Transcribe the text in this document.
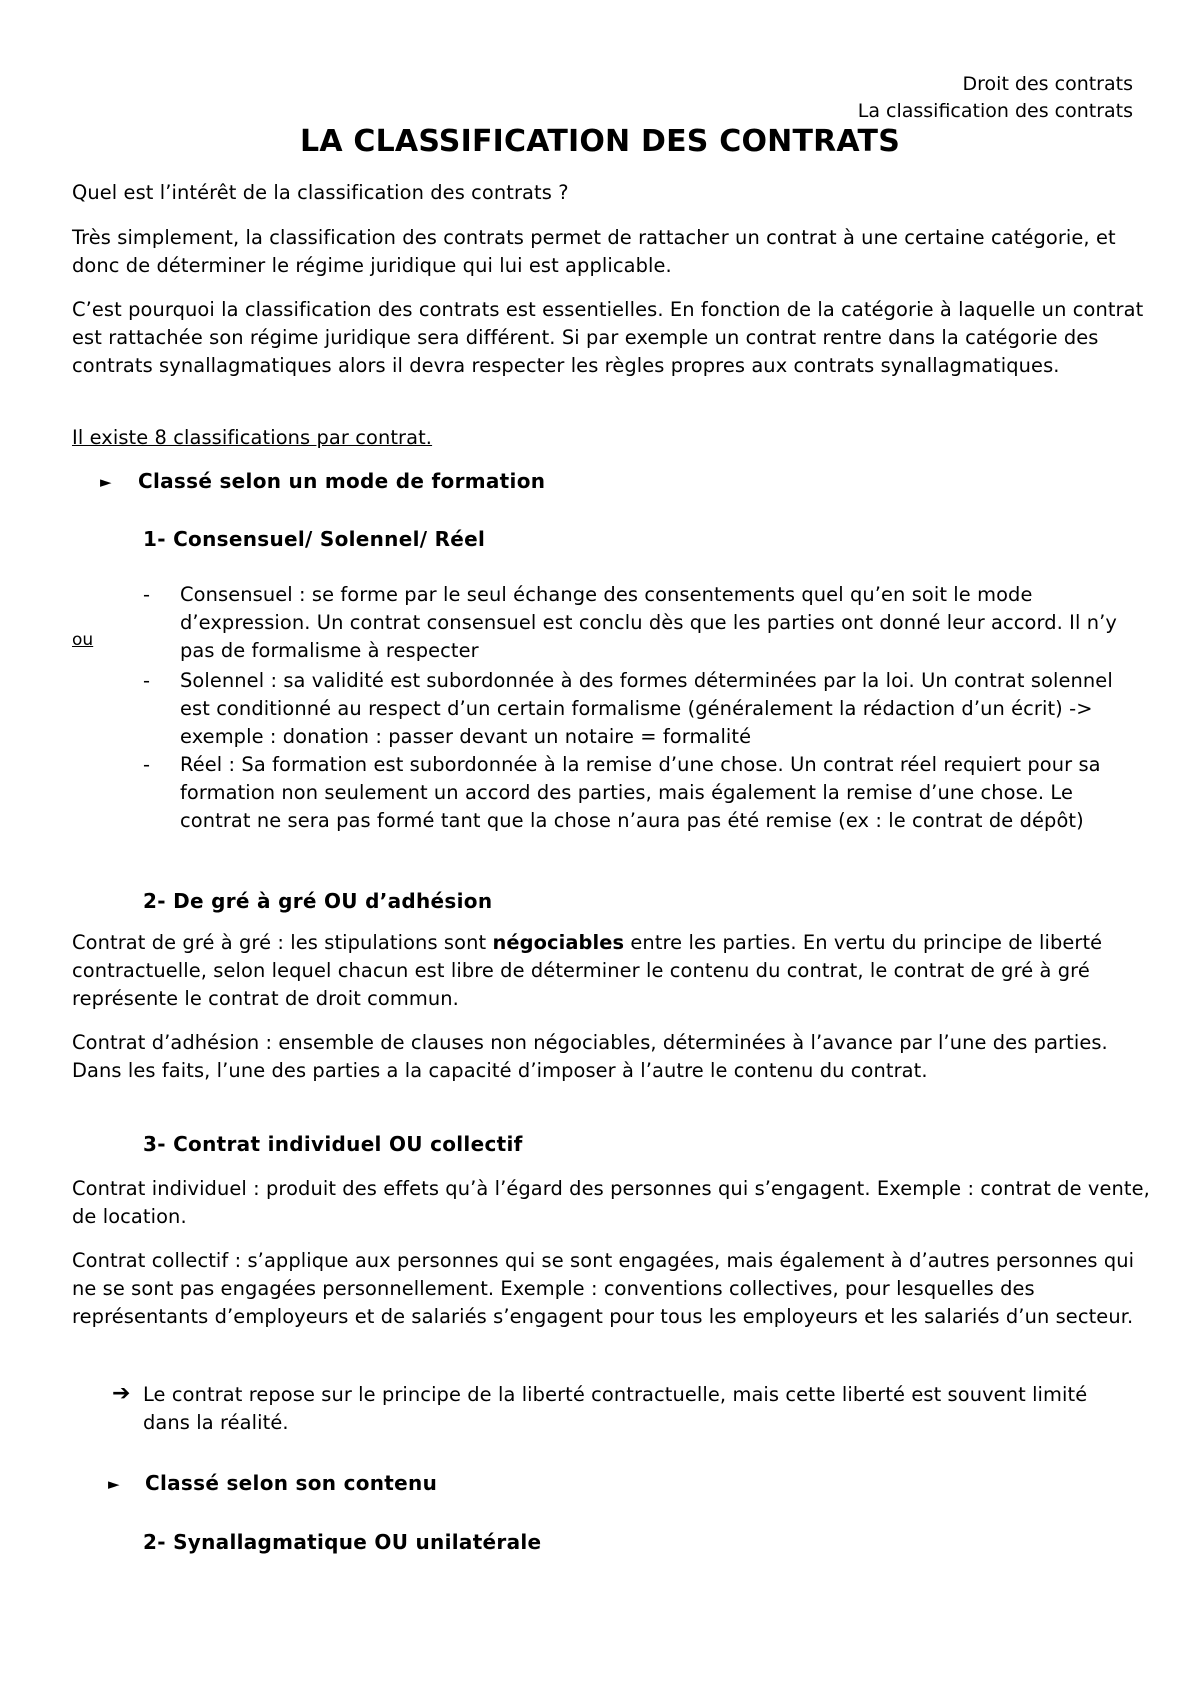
Droit des contrats
La classification des contrats
LA CLASSIFICATION DES CONTRATS
Quel est l’intérêt de la classification des contrats ?
Très simplement, la classification des contrats permet de rattacher un contrat à une certaine catégorie, et donc de déterminer le régime juridique qui lui est applicable.
C’est pourquoi la classification des contrats est essentielles. En fonction de la catégorie à laquelle un contrat est rattachée son régime juridique sera différent. Si par exemple un contrat rentre dans la catégorie des contrats synallagmatiques alors il devra respecter les règles propres aux contrats synallagmatiques.
Il existe 8 classifications par contrat.
► Classé selon un mode de formation
1- Consensuel/ Solennel/ Réel
ou
- Consensuel : se forme par le seul échange des consentements quel qu’en soit le mode d’expression. Un contrat consensuel est conclu dès que les parties ont donné leur accord. Il n’y pas de formalisme à respecter
- Solennel : sa validité est subordonnée à des formes déterminées par la loi. Un contrat solennel est conditionné au respect d’un certain formalisme (généralement la rédaction d’un écrit) -> exemple : donation : passer devant un notaire = formalité
- Réel : Sa formation est subordonnée à la remise d’une chose. Un contrat réel requiert pour sa formation non seulement un accord des parties, mais également la remise d’une chose. Le contrat ne sera pas formé tant que la chose n’aura pas été remise (ex : le contrat de dépôt)
2- De gré à gré OU d’adhésion
Contrat de gré à gré : les stipulations sont négociables entre les parties. En vertu du principe de liberté contractuelle, selon lequel chacun est libre de déterminer le contenu du contrat, le contrat de gré à gré représente le contrat de droit commun.
Contrat d’adhésion : ensemble de clauses non négociables, déterminées à l’avance par l’une des parties. Dans les faits, l’une des parties a la capacité d’imposer à l’autre le contenu du contrat.
3- Contrat individuel OU collectif
Contrat individuel : produit des effets qu’à l’égard des personnes qui s’engagent. Exemple : contrat de vente, de location.
Contrat collectif : s’applique aux personnes qui se sont engagées, mais également à d’autres personnes qui ne se sont pas engagées personnellement. Exemple : conventions collectives, pour lesquelles des représentants d’employeurs et de salariés s’engagent pour tous les employeurs et les salariés d’un secteur.
➔ Le contrat repose sur le principe de la liberté contractuelle, mais cette liberté est souvent limité dans la réalité.
► Classé selon son contenu
2- Synallagmatique OU unilatérale
